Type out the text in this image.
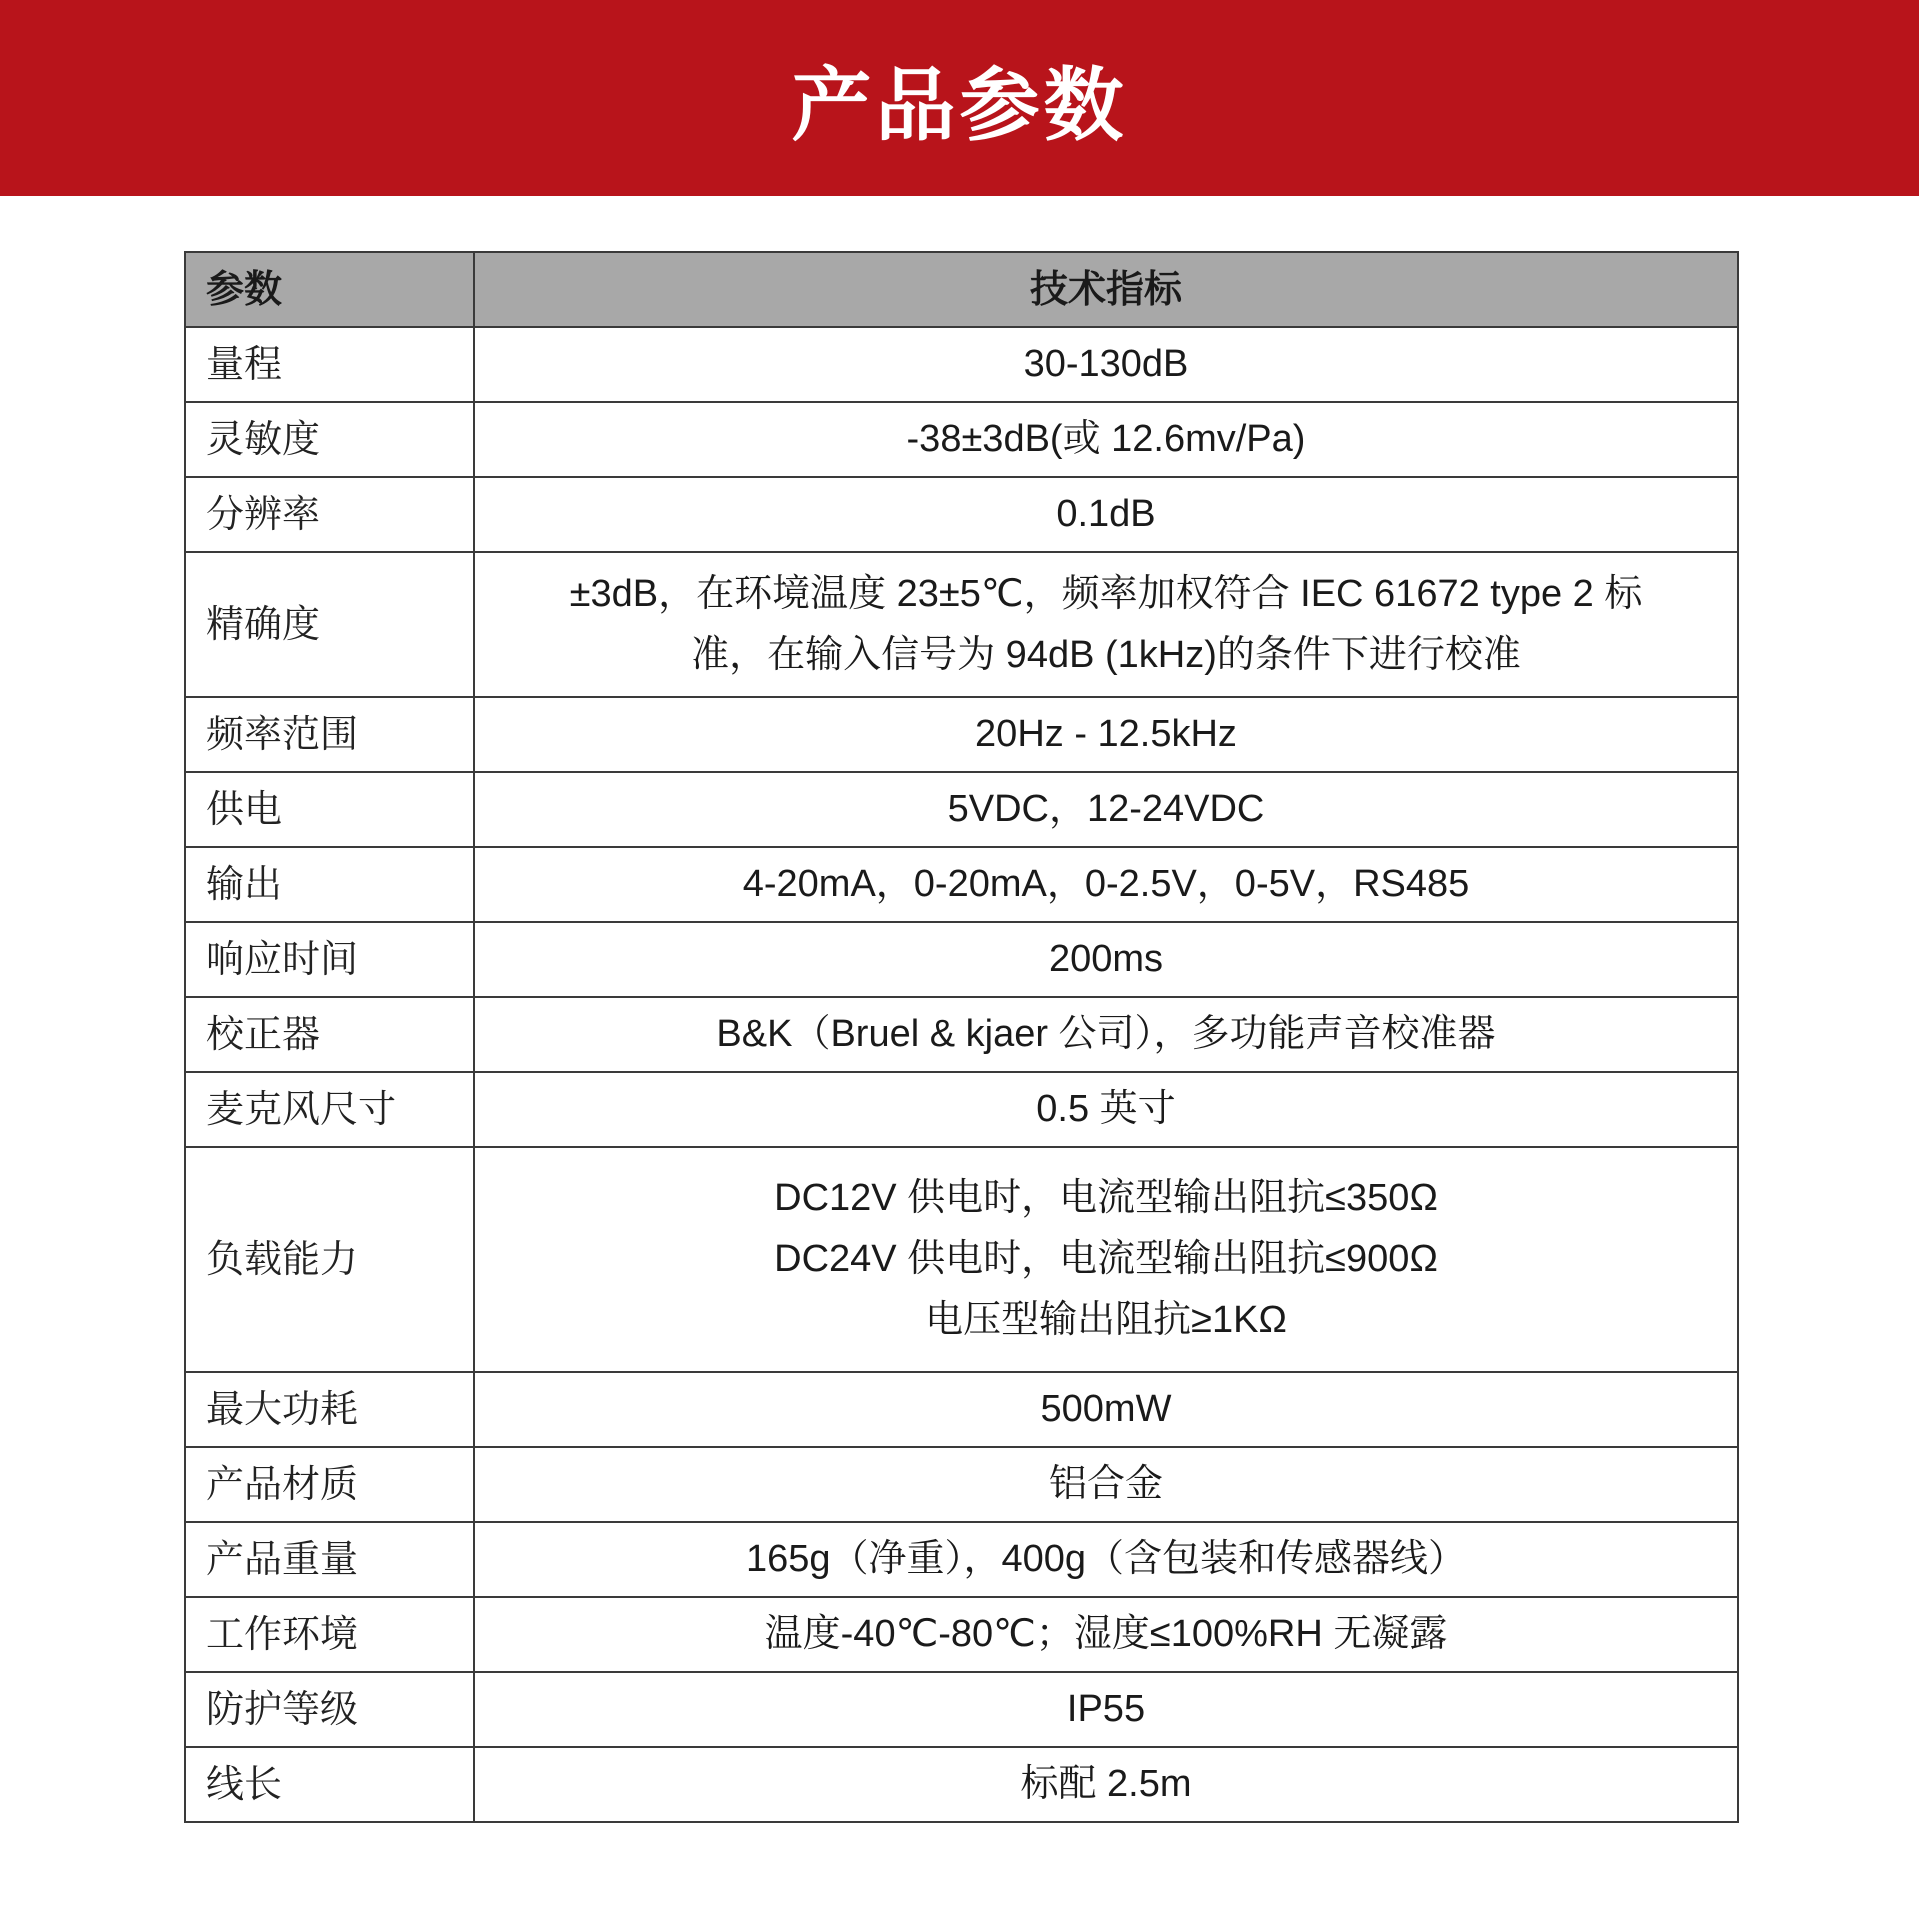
产品参数
参数	技术指标
量程	30-130dB

灵敏度	-38±3dB(或 12.6mv/Pa)

分辨率	0.1dB

精确度	±3dB，在环境温度 23±5℃，频率加权符合 IEC 61672 type 2 标
准，在输入信号为 94dB (1kHz)的条件下进行校准

频率范围	20Hz - 12.5kHz

供电	5VDC，12-24VDC

输出	4-20mA，0-20mA，0-2.5V，0-5V，RS485

响应时间	200ms

校正器	B&K（Bruel & kjaer 公司），多功能声音校准器

麦克风尺寸	0.5 英寸

负载能力	DC12V 供电时，电流型输出阻抗≤350Ω
DC24V 供电时，电流型输出阻抗≤900Ω
电压型输出阻抗≥1KΩ

最大功耗	500mW

产品材质	铝合金

产品重量	165g（净重），400g（含包装和传感器线）

工作环境	温度-40℃-80℃；湿度≤100%RH 无凝露

防护等级	IP55

线长	标配 2.5m
